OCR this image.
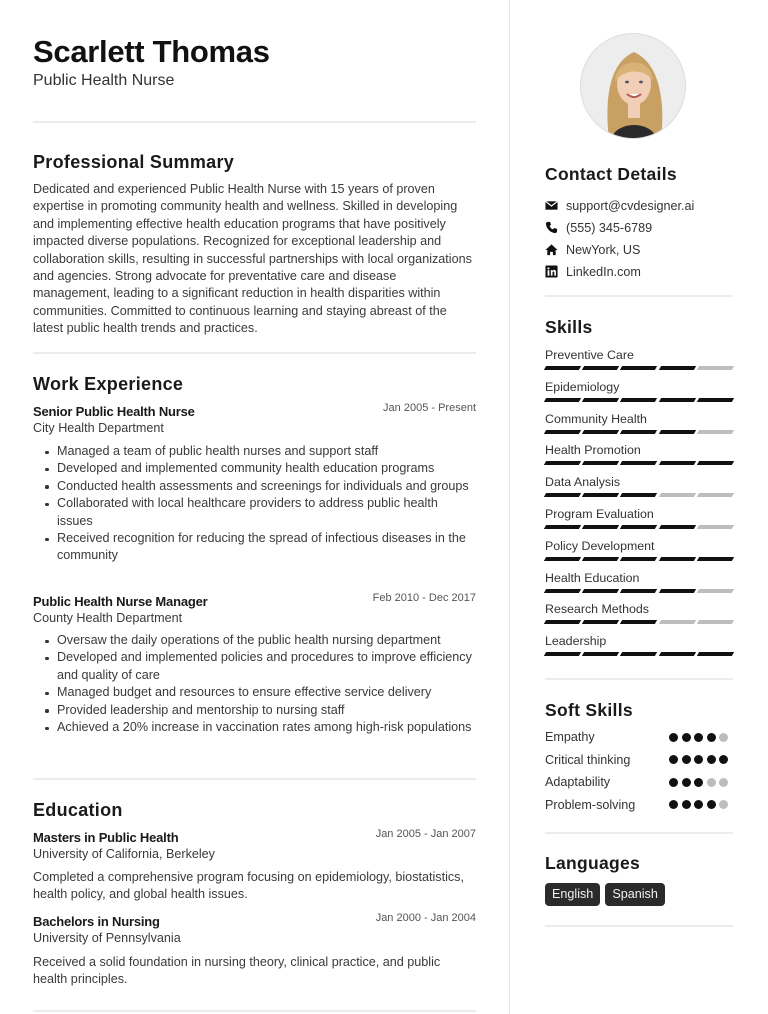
Scarlett Thomas
Public Health Nurse
Professional Summary
Dedicated and experienced Public Health Nurse with 15 years of proven expertise in promoting community health and wellness. Skilled in developing and implementing effective health education programs that have positively impacted diverse populations. Recognized for exceptional leadership and collaboration skills, resulting in successful partnerships with local organizations and agencies. Strong advocate for preventative care and disease management, leading to a significant reduction in health disparities within communities. Committed to continuous learning and staying abreast of the latest public health trends and practices.
Work Experience
Senior Public Health Nurse	Jan 2005 - Present
City Health Department
Managed a team of public health nurses and support staff
Developed and implemented community health education programs
Conducted health assessments and screenings for individuals and groups
Collaborated with local healthcare providers to address public health issues
Received recognition for reducing the spread of infectious diseases in the community
Public Health Nurse Manager	Feb 2010 - Dec 2017
County Health Department
Oversaw the daily operations of the public health nursing department
Developed and implemented policies and procedures to improve efficiency and quality of care
Managed budget and resources to ensure effective service delivery
Provided leadership and mentorship to nursing staff
Achieved a 20% increase in vaccination rates among high-risk populations
Education
Masters in Public Health	Jan 2005 - Jan 2007
University of California, Berkeley
Completed a comprehensive program focusing on epidemiology, biostatistics, health policy, and global health issues.
Bachelors in Nursing	Jan 2000 - Jan 2004
University of Pennsylvania
Received a solid foundation in nursing theory, clinical practice, and public health principles.
Contact Details
support@cvdesigner.ai
(555) 345-6789
NewYork, US
LinkedIn.com
Skills
Preventive Care
Epidemiology
Community Health
Health Promotion
Data Analysis
Program Evaluation
Policy Development
Health Education
Research Methods
Leadership
Soft Skills
Empathy
Critical thinking
Adaptability
Problem-solving
Languages
English	Spanish
